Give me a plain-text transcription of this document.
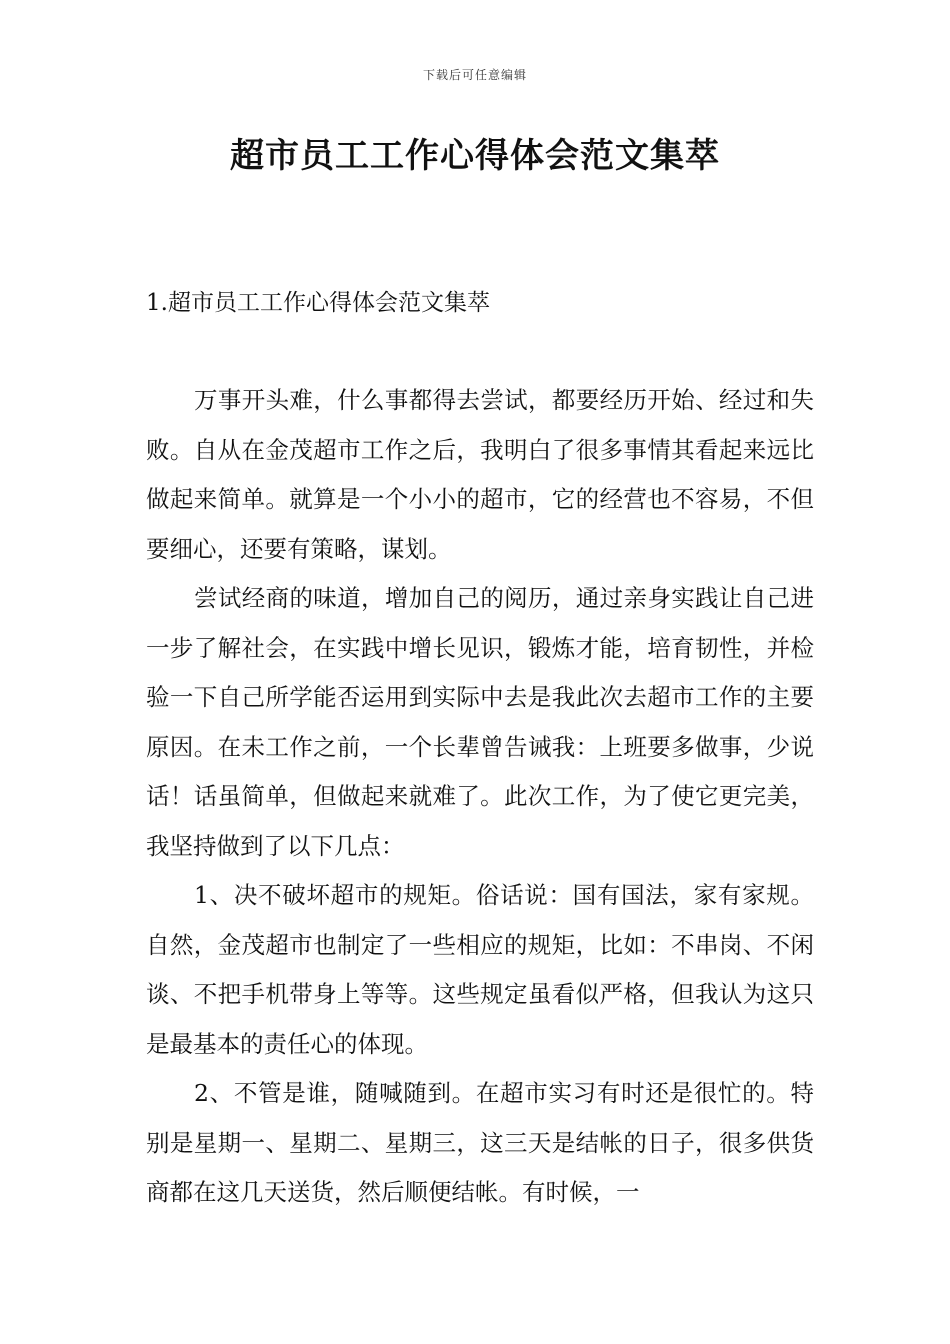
下载后可任意编辑
超市员工工作心得体会范文集萃
1.超市员工工作心得体会范文集萃

万事开头难，什么事都得去尝试，都要经历开始、经过和失败。自从在金茂超市工作之后，我明白了很多事情其看起来远比做起来简单。就算是一个小小的超市，它的经营也不容易，不但要细心，还要有策略，谋划。

尝试经商的味道，增加自己的阅历，通过亲身实践让自己进一步了解社会，在实践中增长见识，锻炼才能，培育韧性，并检验一下自己所学能否运用到实际中去是我此次去超市工作的主要原因。在未工作之前，一个长辈曾告诫我：上班要多做事，少说话！话虽简单，但做起来就难了。此次工作，为了使它更完美，我坚持做到了以下几点：

1、决不破坏超市的规矩。俗话说：国有国法，家有家规。自然，金茂超市也制定了一些相应的规矩，比如：不串岗、不闲谈、不把手机带身上等等。这些规定虽看似严格，但我认为这只是最基本的责任心的体现。

2、不管是谁，随喊随到。在超市实习有时还是很忙的。特别是星期一、星期二、星期三，这三天是结帐的日子，很多供货商都在这几天送货，然后顺便结帐。有时候，一
